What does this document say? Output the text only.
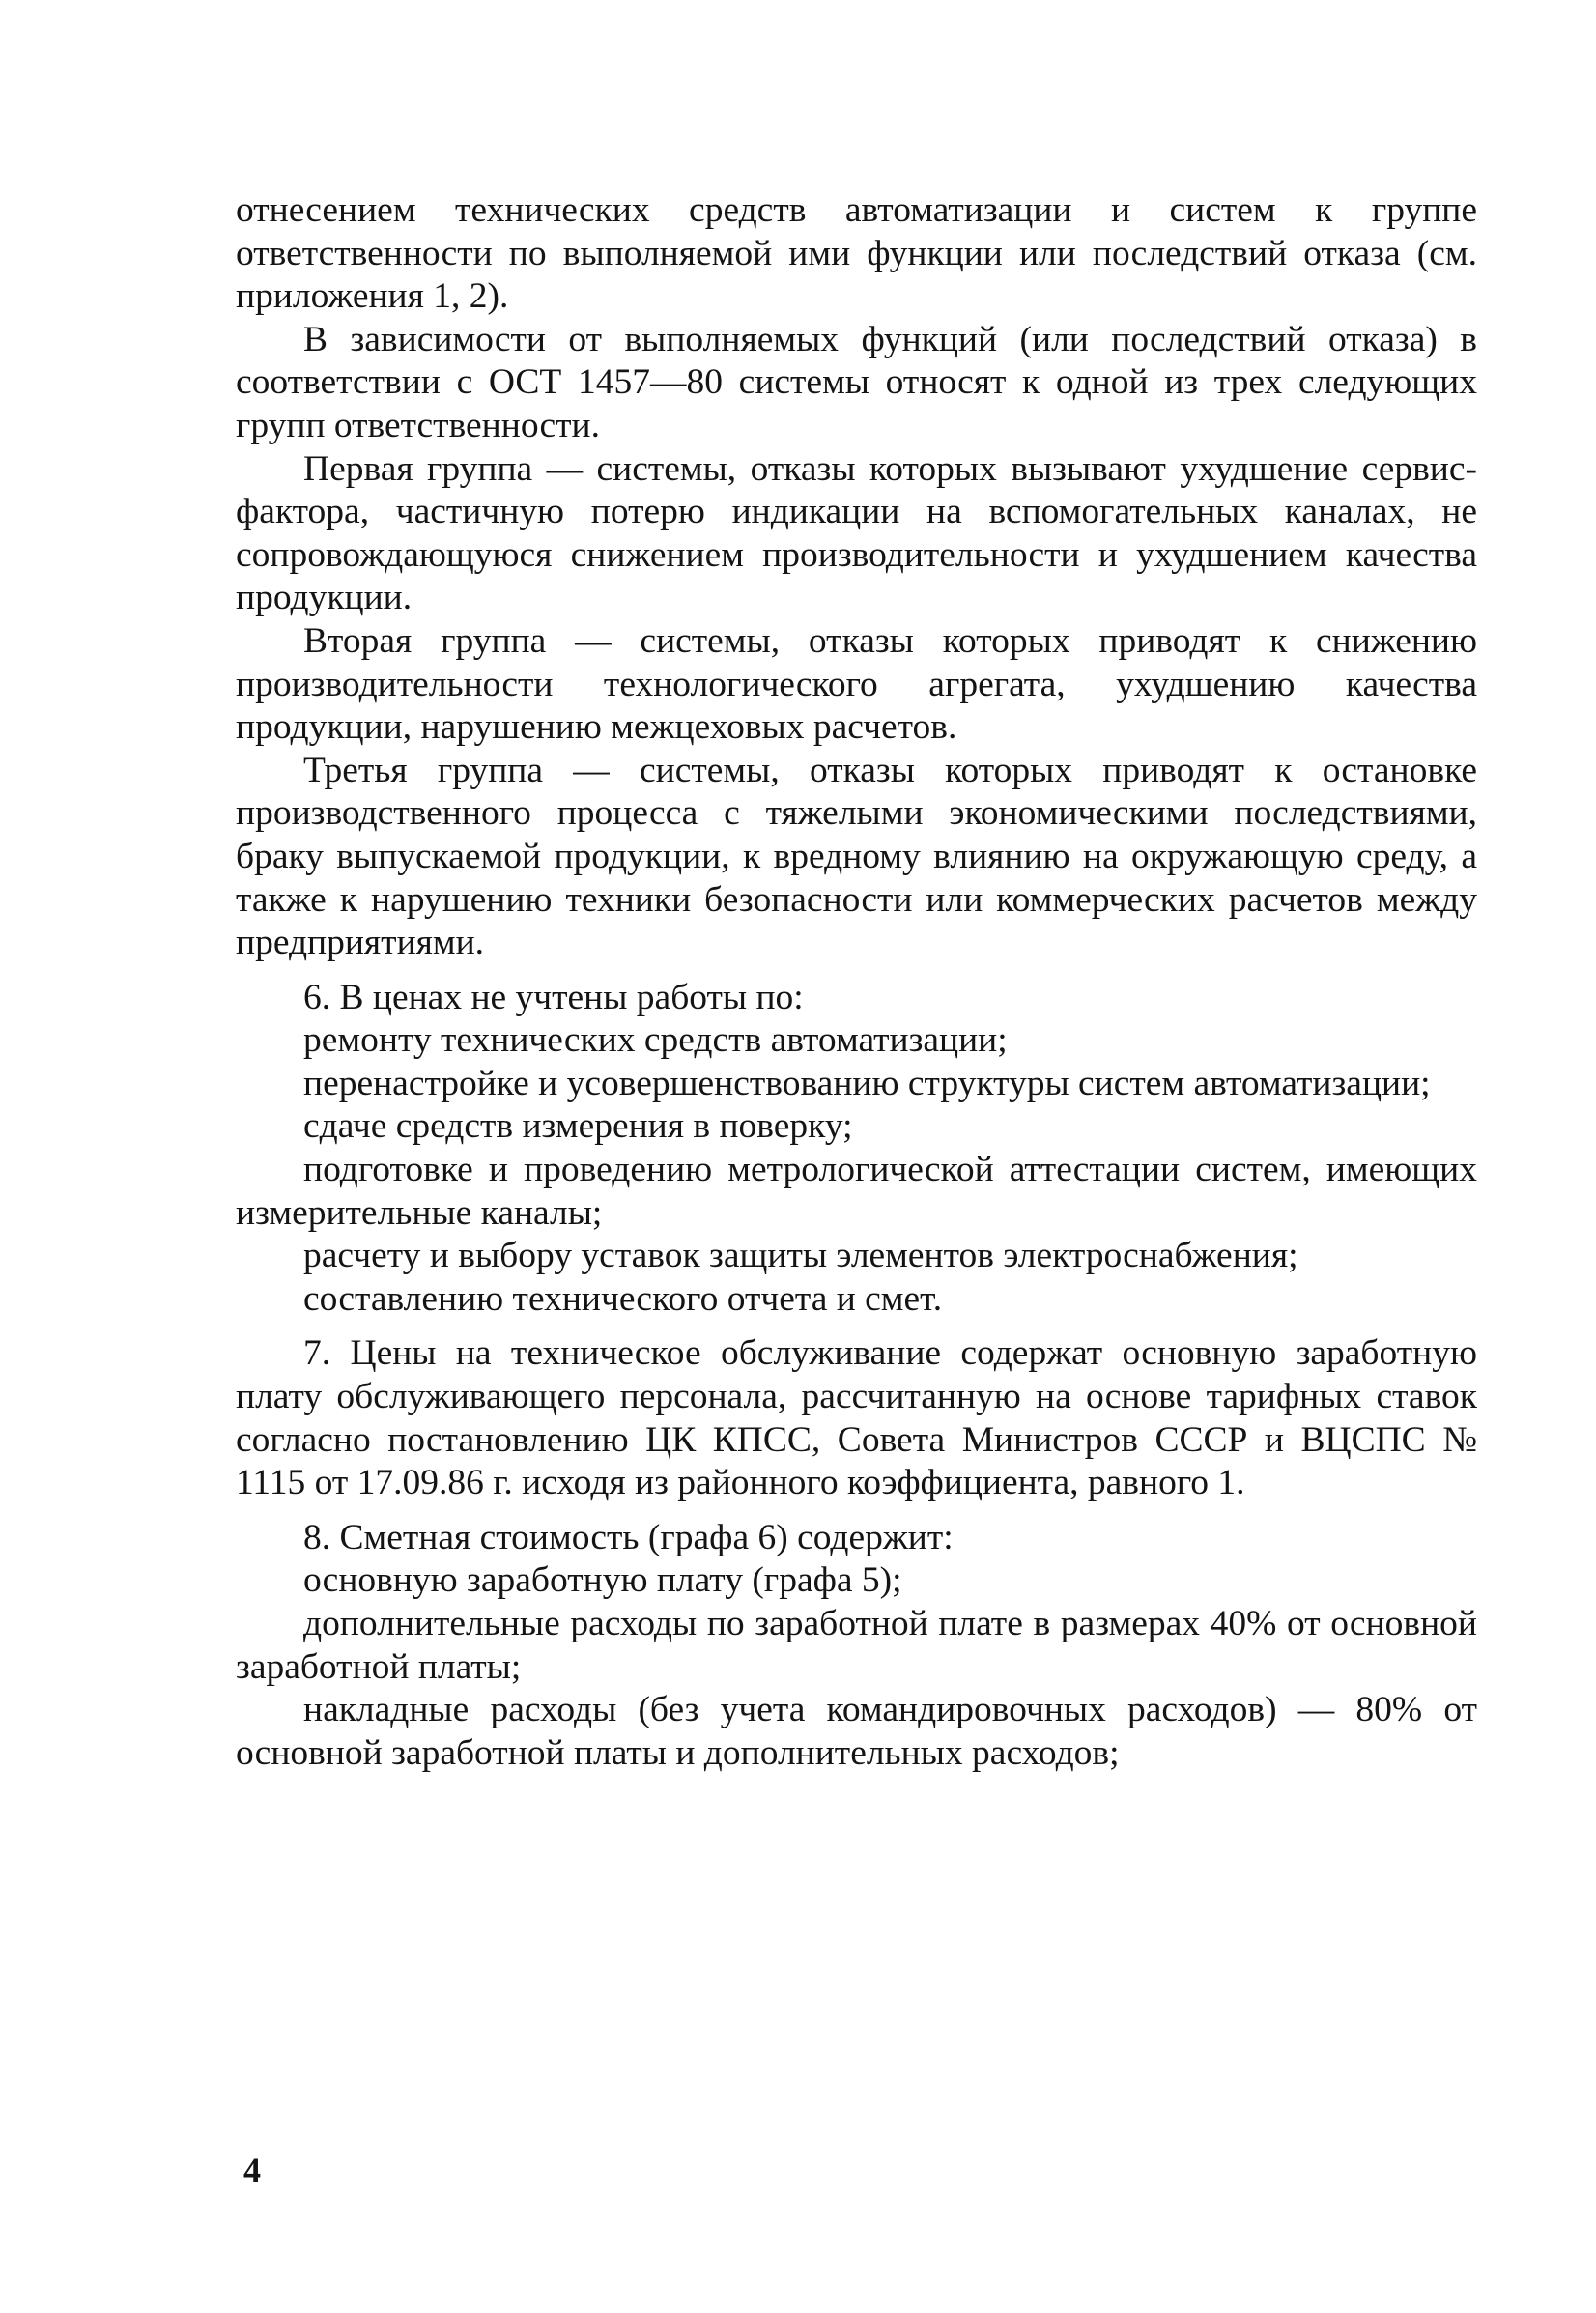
отнесением технических средств автоматизации и систем к группе ответственности по выполняемой ими функции или последствий отказа (см. приложения 1, 2).

В зависимости от выполняемых функций (или последствий отказа) в соответствии с ОСТ 1457—80 системы относят к одной из трех следующих групп ответственности.

Первая группа — системы, отказы которых вызывают ухудшение сервис-фактора, частичную потерю индикации на вспомогательных каналах, не сопровождающуюся снижением производительности и ухудшением качества продукции.

Вторая группа — системы, отказы которых приводят к снижению производительности технологического агрегата, ухудшению качества продукции, нарушению межцеховых расчетов.

Третья группа — системы, отказы которых приводят к остановке производственного процесса с тяжелыми экономическими последствиями, браку выпускаемой продукции, к вредному влиянию на окружающую среду, а также к нарушению техники безопасности или коммерческих расчетов между предприятиями.

6. В ценах не учтены работы по:

ремонту технических средств автоматизации;

перенастройке и усовершенствованию структуры систем автоматизации;

сдаче средств измерения в поверку;

подготовке и проведению метрологической аттестации систем, имеющих измерительные каналы;

расчету и выбору уставок защиты элементов электроснабжения;

составлению технического отчета и смет.

7. Цены на техническое обслуживание содержат основную заработную плату обслуживающего персонала, рассчитанную на основе тарифных ставок согласно постановлению ЦК КПСС, Совета Министров СССР и ВЦСПС № 1115 от 17.09.86 г. исходя из районного коэффициента, равного 1.

8. Сметная стоимость (графа 6) содержит:

основную заработную плату (графа 5);

дополнительные расходы по заработной плате в размерах 40% от основной заработной платы;

накладные расходы (без учета командировочных расходов) — 80% от основной заработной платы и дополнительных расходов;

4
